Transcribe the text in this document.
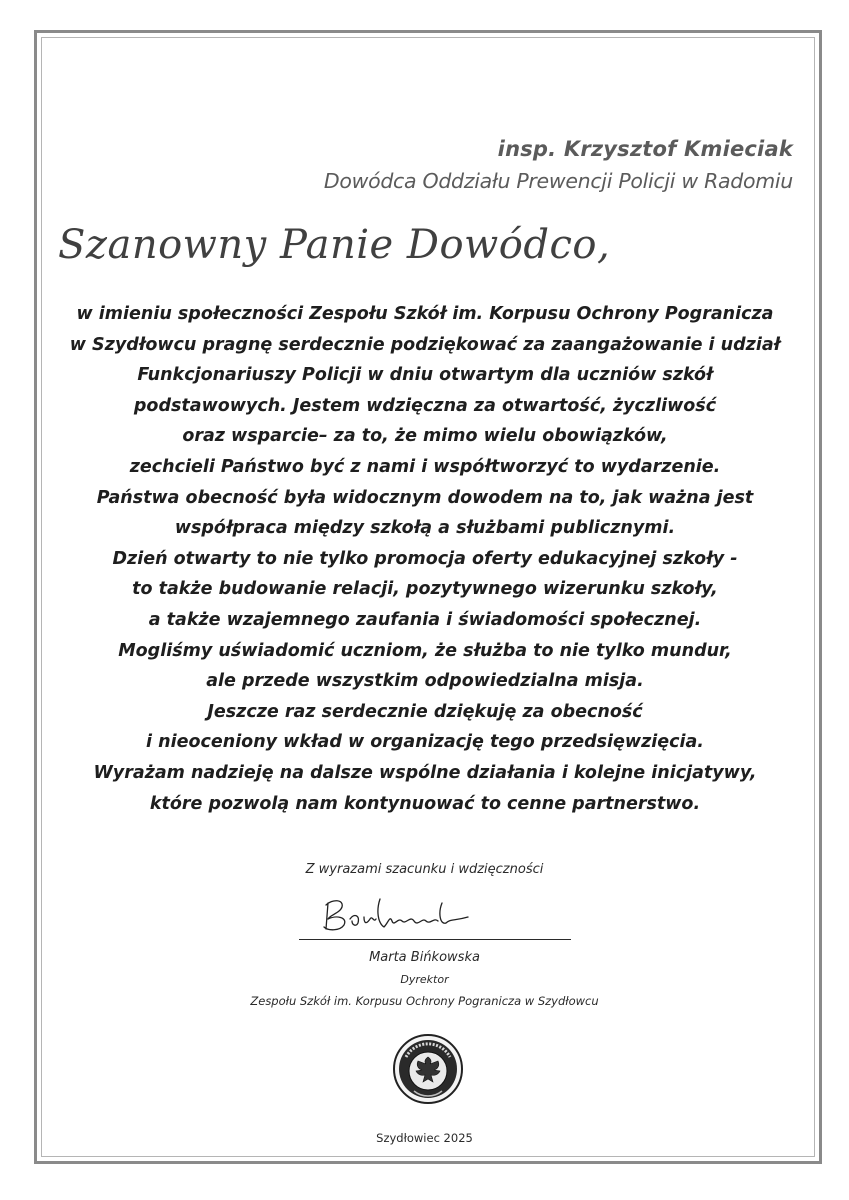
insp. Krzysztof Kmieciak
Dowódca Oddziału Prewencji Policji w Radomiu
Szanowny Panie Dowódco,
w imieniu społeczności Zespołu Szkół im. Korpusu Ochrony Pogranicza
w Szydłowcu pragnę serdecznie podziękować za zaangażowanie i udział
Funkcjonariuszy Policji w dniu otwartym dla uczniów szkół
podstawowych. Jestem wdzięczna za otwartość, życzliwość
oraz wsparcie– za to, że mimo wielu obowiązków,
zechcieli Państwo być z nami i współtworzyć to wydarzenie.
Państwa obecność była widocznym dowodem na to, jak ważna jest
współpraca między szkołą a służbami publicznymi.
Dzień otwarty to nie tylko promocja oferty edukacyjnej szkoły -
to także budowanie relacji, pozytywnego wizerunku szkoły,
a także wzajemnego zaufania i świadomości społecznej.
Mogliśmy uświadomić uczniom, że służba to nie tylko mundur,
ale przede wszystkim odpowiedzialna misja.
Jeszcze raz serdecznie dziękuję za obecność
i nieoceniony wkład w organizację tego przedsięwzięcia.
Wyrażam nadzieję na dalsze wspólne działania i kolejne inicjatywy,
które pozwolą nam kontynuować to cenne partnerstwo.
Z wyrazami szacunku i wdzięczności
Marta Bińkowska
Dyrektor
Zespołu Szkół im. Korpusu Ochrony Pogranicza w Szydłowcu
Szydłowiec 2025
